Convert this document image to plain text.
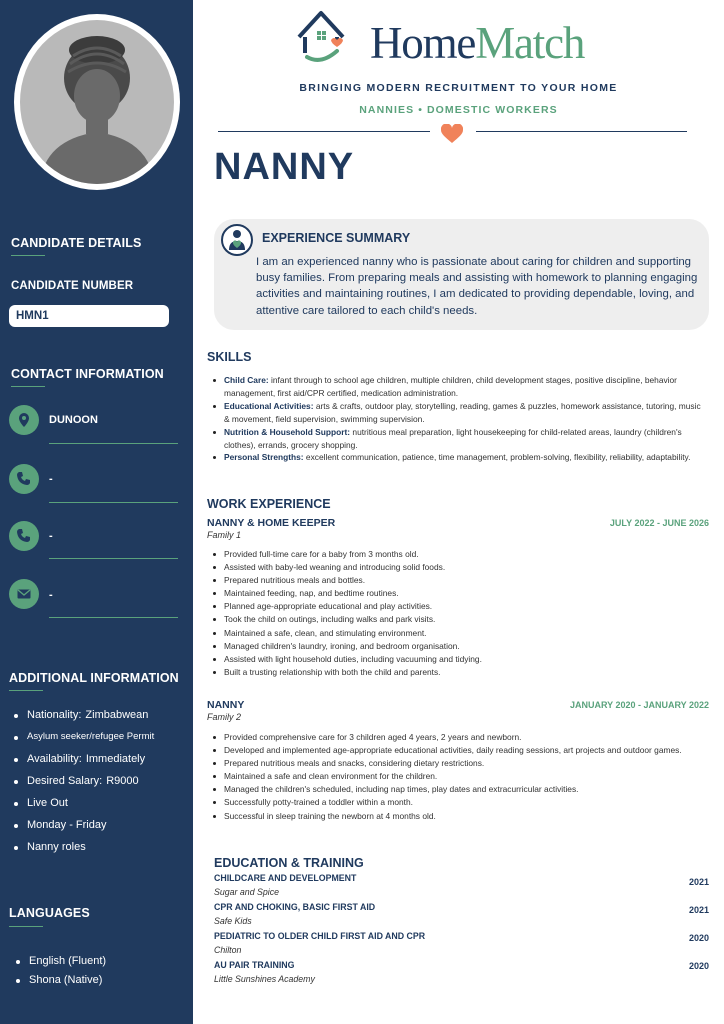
CANDIDATE DETAILS
CANDIDATE NUMBER
HMN1
CONTACT INFORMATION
DUNOON
-
-
-
ADDITIONAL INFORMATION
Nationality: Zimbabwean
Asylum seeker/refugee Permit
Availability: Immediately
Desired Salary: R9000
Live Out
Monday - Friday
Nanny roles
LANGUAGES
English (Fluent)
Shona (Native)
HomeMatch
BRINGING MODERN RECRUITMENT TO YOUR HOME
NANNIES • DOMESTIC WORKERS
NANNY
EXPERIENCE SUMMARY

I am an experienced nanny who is passionate about caring for children and supporting busy families. From preparing meals and assisting with homework to planning engaging activities and maintaining routines, I am dedicated to providing dependable, loving, and attentive care tailored to each child's needs.

SKILLS
Child Care: infant through to school age children, multiple children, child development stages, positive discipline, behavior management, first aid/CPR certified, medication administration.
Educational Activities: arts & crafts, outdoor play, storytelling, reading, games & puzzles, homework assistance, tutoring, music & movement, field supervision, swimming supervision.
Nutrition & Household Support: nutritious meal preparation, light housekeeping for child-related areas, laundry (children's clothes), errands, grocery shopping.
Personal Strengths: excellent communication, patience, time management, problem-solving, flexibility, reliability, adaptability.
WORK EXPERIENCE
NANNY & HOME KEEPER	JULY 2022 - JUNE 2026
Family 1
Provided full-time care for a baby from 3 months old.
Assisted with baby-led weaning and introducing solid foods.
Prepared nutritious meals and bottles.
Maintained feeding, nap, and bedtime routines.
Planned age-appropriate educational and play activities.
Took the child on outings, including walks and park visits.
Maintained a safe, clean, and stimulating environment.
Managed children's laundry, ironing, and bedroom organisation.
Assisted with light household duties, including vacuuming and tidying.
Built a trusting relationship with both the child and parents.
NANNY	JANUARY 2020 - JANUARY 2022
Family 2
Provided comprehensive care for 3 children aged 4 years, 2 years and newborn.
Developed and implemented age-appropriate educational activities, daily reading sessions, art projects and outdoor games.
Prepared nutritious meals and snacks, considering dietary restrictions.
Maintained a safe and clean environment for the children.
Managed the children's scheduled, including nap times, play dates and extracurricular activities.
Successfully potty-trained a toddler within a month.
Successful in sleep training the newborn at 4 months old.
EDUCATION & TRAINING
CHILDCARE AND DEVELOPMENT	2021
Sugar and Spice
CPR AND CHOKING, BASIC FIRST AID	2021
Safe Kids
PEDIATRIC TO OLDER CHILD FIRST AID AND CPR	2020
Chilton
AU PAIR TRAINING	2020
Little Sunshines Academy
